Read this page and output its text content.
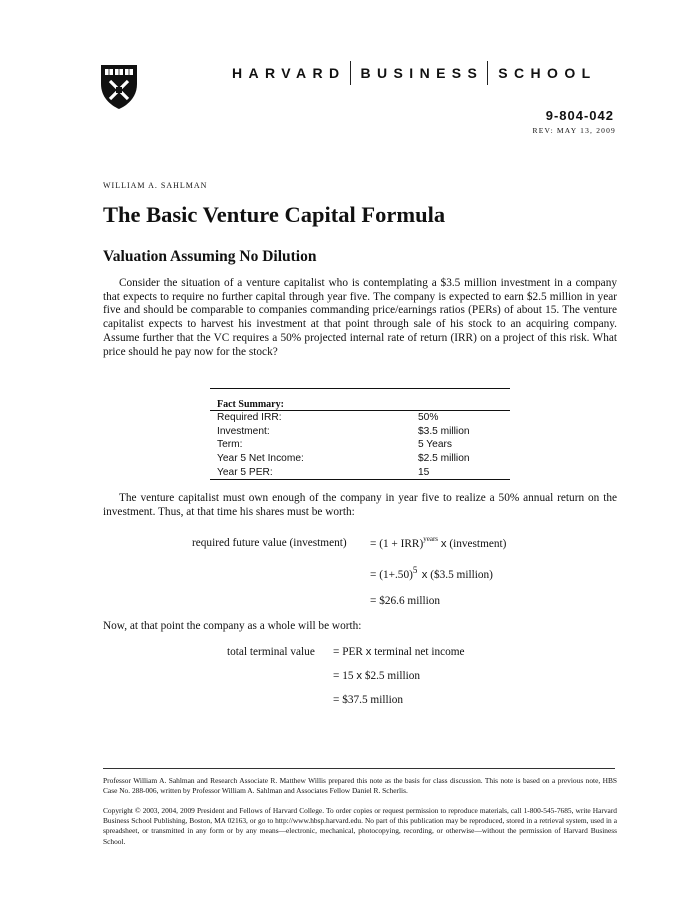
HARVARD BUSINESS SCHOOL
9-804-042
REV: MAY 13, 2009
WILLIAM A. SAHLMAN
The Basic Venture Capital Formula
Valuation Assuming No Dilution
Consider the situation of a venture capitalist who is contemplating a $3.5 million investment in a company that expects to require no further capital through year five. The company is expected to earn $2.5 million in year five and should be comparable to companies commanding price/earnings ratios (PERs) of about 15. The venture capitalist expects to harvest his investment at that point through sale of his stock to an acquiring company. Assume further that the VC requires a 50% projected internal rate of return (IRR) on a project of this risk. What price should he pay now for the stock?
Fact Summary:
Required IRR:	50%
Investment:	$3.5 million
Term:	5 Years
Year 5 Net Income:	$2.5 million
Year 5 PER:	15
The venture capitalist must own enough of the company in year five to realize a 50% annual return on the investment. Thus, at that time his shares must be worth:
required future value (investment) = (1 + IRR)$^{years}$ x (investment)
= (1+.50) 5 x ($3.5 million)
= $26.6 million
Now, at that point the company as a whole will be worth:
total terminal value = PER x terminal net income
= 15 x $2.5 million
= $37.5 million
Professor William A. Sahlman and Research Associate R. Matthew Willis prepared this note as the basis for class discussion. This note is based on a previous note, HBS Case No. 288-006, written by Professor William A. Sahlman and Associates Fellow Daniel R. Scherlis.
Copyright © 2003, 2004, 2009 President and Fellows of Harvard College. To order copies or request permission to reproduce materials, call 1-800-545-7685, write Harvard Business School Publishing, Boston, MA 02163, or go to http://www.hbsp.harvard.edu. No part of this publication may be reproduced, stored in a retrieval system, used in a spreadsheet, or transmitted in any form or by any means—electronic, mechanical, photocopying, recording, or otherwise—without the permission of Harvard Business School.
